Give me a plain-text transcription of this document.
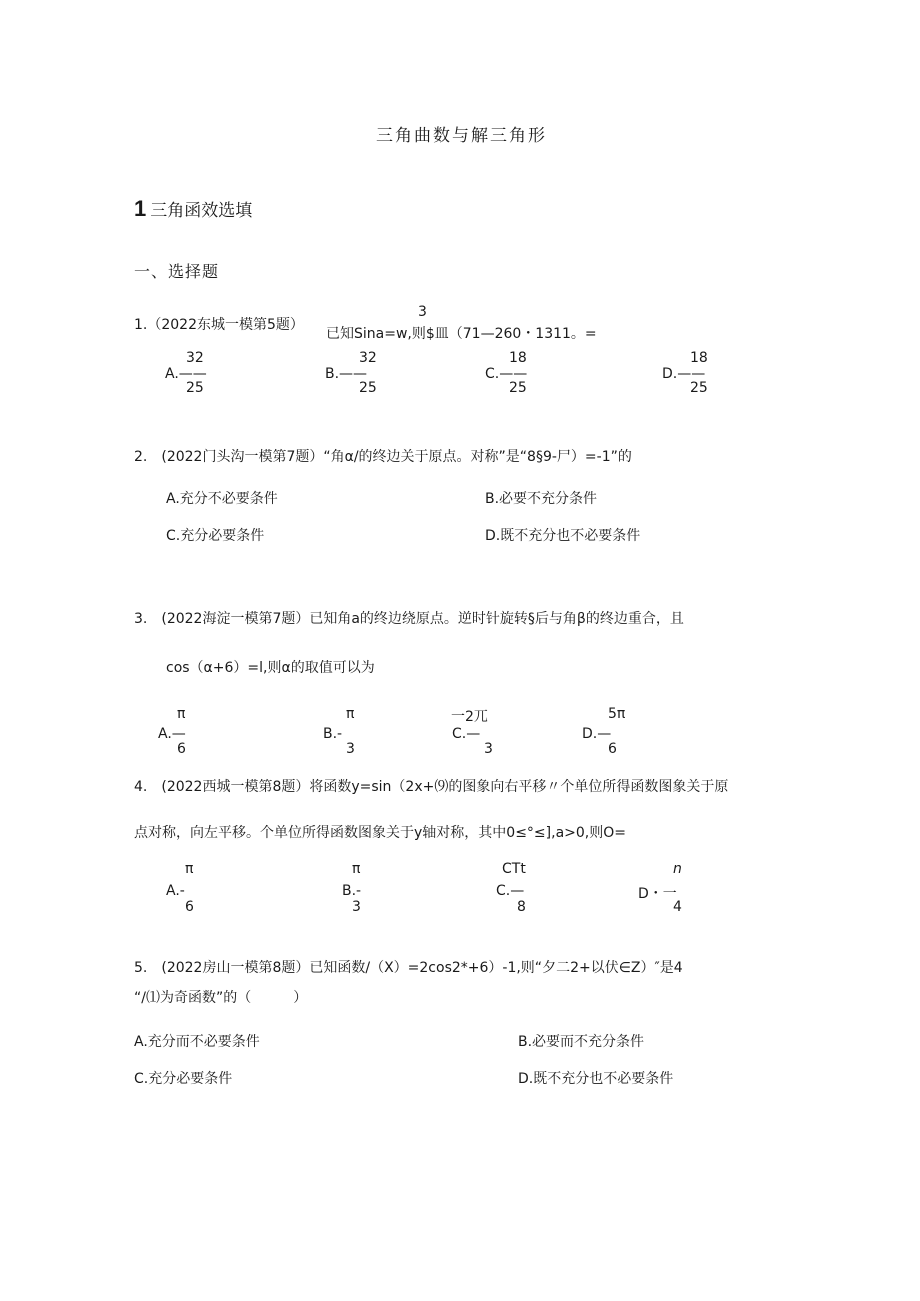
三角曲数与解三角形
1 三角函效选填
一、选择题
3
1.（2022东城一模第5题）
已知Sina=w,则$皿（71—260・1311。=
32
A.——
25
32
B.——
25
18
C.——
25
18
D.——
25
2.　(2022门头沟一模第7题）“角α/的终边关于原点。对称”是“8§9-尸）=-1”的
A.充分不必要条件	B.必要不充分条件
C.充分必要条件	D.既不充分也不必要条件
3.　(2022海淀一模第7题）已知角a的终边绕原点。逆时针旋转§后与角β的终边重合，且
cos（α+6）=l,则α的取值可以为
π
A.—
6
π
B.-
3
一2兀
C.—
3
5π
D.—
6
4.　(2022西城一模第8题）将函数y=sin（2x+⑼的图象向右平移〃个单位所得函数图象关于原
点对称，向左平移。个单位所得函数图象关于y轴对称，其中0≤°≤],a>0,则O=
π
A.-
6
π
B.-
3
CTt
C.—
8
n
D・一
4
5.　(2022房山一模第8题）已知函数/（X）=2cos2*+6）-1,则“夕二2+以伏∈Z）″是4
“/⑴为奇函数”的（　　　）
A.充分而不必要条件	B.必要而不充分条件
C.充分必要条件	D.既不充分也不必要条件
